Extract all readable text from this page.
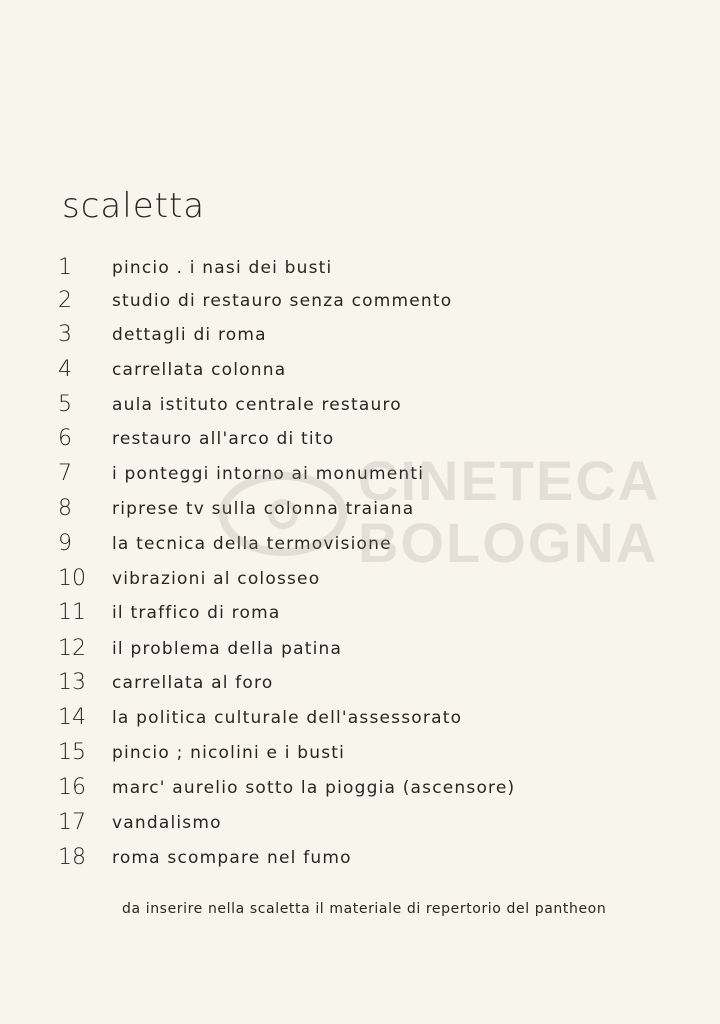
scaletta
1	pincio . i nasi dei busti
2	studio di restauro senza commento
3	dettagli di roma
4	carrellata colonna
5	aula istituto centrale restauro
6	restauro all'arco di tito
7	i ponteggi intorno ai monumenti
8	riprese tv sulla colonna traiana
9	la tecnica della termovisione
10	vibrazioni al colosseo
11	il traffico di roma
12	il problema della patina
13	carrellata al foro
14	la politica culturale dell'assessorato
15	pincio ; nicolini e i busti
16	marc' aurelio sotto la pioggia (ascensore)
17	vandalismo
18	roma scompare nel fumo
da inserire nella scaletta il materiale di repertorio del pantheon
CINETECA
BOLOGNA
